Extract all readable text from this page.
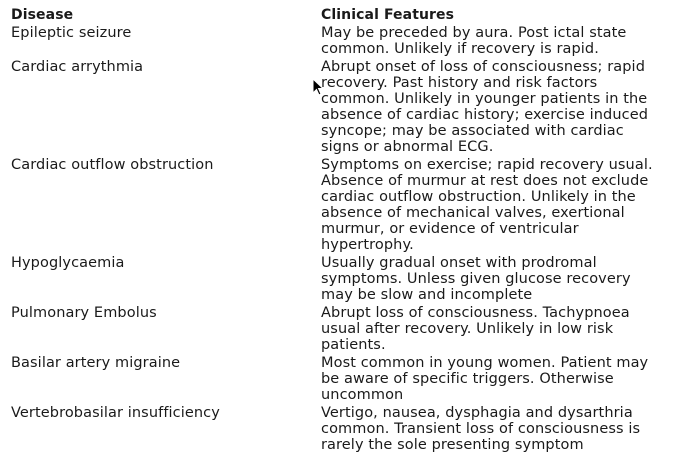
Disease	Clinical Features
Epileptic seizure	May be preceded by aura. Post ictal state
common. Unlikely if recovery is rapid.
Cardiac arrythmia	Abrupt onset of loss of consciousness; rapid
recovery. Past history and risk factors
common. Unlikely in younger patients in the
absence of cardiac history; exercise induced
syncope; may be associated with cardiac
signs or abnormal ECG.
Cardiac outflow obstruction	Symptoms on exercise; rapid recovery usual.
Absence of murmur at rest does not exclude
cardiac outflow obstruction. Unlikely in the
absence of mechanical valves, exertional
murmur, or evidence of ventricular
hypertrophy.
Hypoglycaemia	Usually gradual onset with prodromal
symptoms. Unless given glucose recovery
may be slow and incomplete
Pulmonary Embolus	Abrupt loss of consciousness. Tachypnoea
usual after recovery. Unlikely in low risk
patients.
Basilar artery migraine	Most common in young women. Patient may
be aware of specific triggers. Otherwise
uncommon
Vertebrobasilar insufficiency	Vertigo, nausea, dysphagia and dysarthria
common. Transient loss of consciousness is
rarely the sole presenting symptom
